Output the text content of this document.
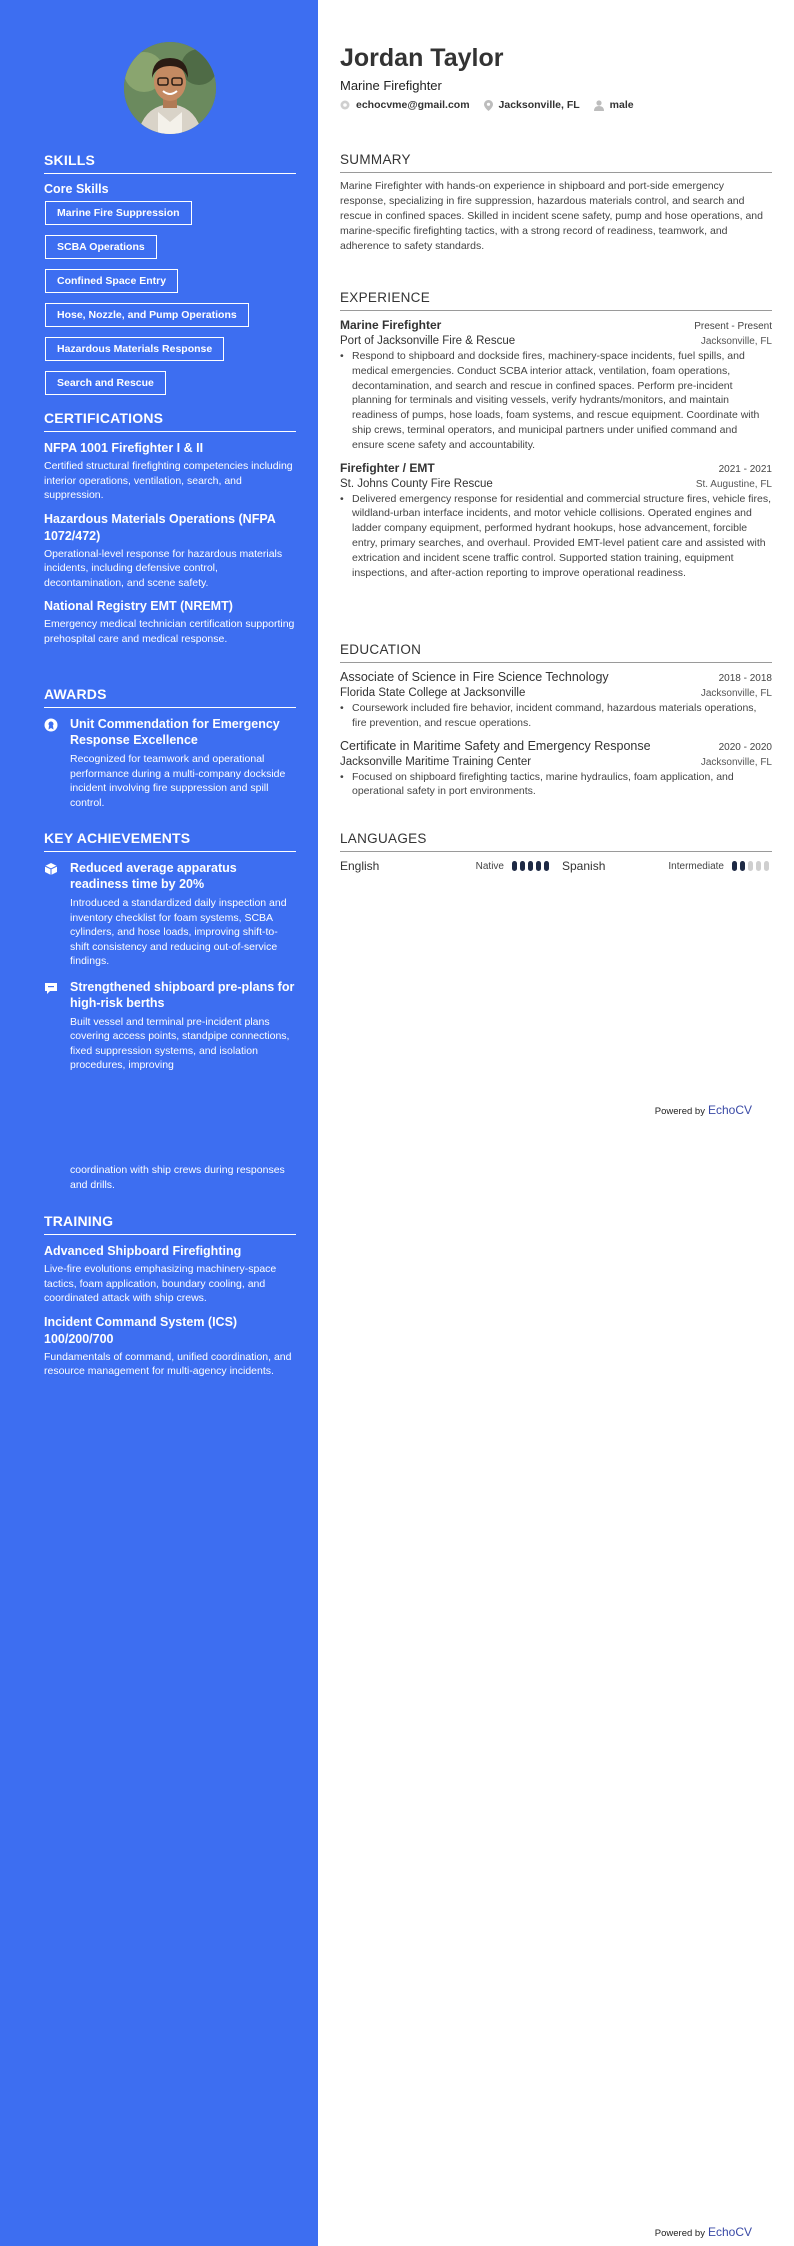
SKILLS
Core Skills
Marine Fire Suppression
SCBA Operations
Confined Space Entry
Hose, Nozzle, and Pump Operations
Hazardous Materials Response
Search and Rescue
CERTIFICATIONS
NFPA 1001 Firefighter I & II
Certified structural firefighting competencies including interior operations, ventilation, search, and suppression.
Hazardous Materials Operations (NFPA 1072/472)
Operational-level response for hazardous materials incidents, including defensive control, decontamination, and scene safety.
National Registry EMT (NREMT)
Emergency medical technician certification supporting prehospital care and medical response.
AWARDS
Unit Commendation for Emergency Response Excellence
Recognized for teamwork and operational performance during a multi-company dockside incident involving fire suppression and spill control.
KEY ACHIEVEMENTS
Reduced average apparatus readiness time by 20%
Introduced a standardized daily inspection and inventory checklist for foam systems, SCBA cylinders, and hose loads, improving shift-to-shift consistency and reducing out-of-service findings.
Strengthened shipboard pre-plans for high-risk berths
Built vessel and terminal pre-incident plans covering access points, standpipe connections, fixed suppression systems, and isolation procedures, improving
coordination with ship crews during responses and drills.
TRAINING
Advanced Shipboard Firefighting
Live-fire evolutions emphasizing machinery-space tactics, foam application, boundary cooling, and coordinated attack with ship crews.
Incident Command System (ICS) 100/200/700
Fundamentals of command, unified coordination, and resource management for multi-agency incidents.
Jordan Taylor
Marine Firefighter
echocvme@gmail.com	Jacksonville, FL	male
SUMMARY
Marine Firefighter with hands-on experience in shipboard and port-side emergency response, specializing in fire suppression, hazardous materials control, and search and rescue in confined spaces. Skilled in incident scene safety, pump and hose operations, and marine-specific firefighting tactics, with a strong record of readiness, teamwork, and adherence to safety standards.
EXPERIENCE
Marine Firefighter	Present - Present
Port of Jacksonville Fire & Rescue	Jacksonville, FL
• Respond to shipboard and dockside fires, machinery-space incidents, fuel spills, and medical emergencies. Conduct SCBA interior attack, ventilation, foam operations, decontamination, and search and rescue in confined spaces. Perform pre-incident planning for terminals and visiting vessels, verify hydrants/monitors, and maintain readiness of pumps, hose loads, foam systems, and rescue equipment. Coordinate with ship crews, terminal operators, and municipal partners under unified command and ensure scene safety and accountability.
Firefighter / EMT	2021 - 2021
St. Johns County Fire Rescue	St. Augustine, FL
• Delivered emergency response for residential and commercial structure fires, vehicle fires, wildland-urban interface incidents, and motor vehicle collisions. Operated engines and ladder company equipment, performed hydrant hookups, hose advancement, forcible entry, primary searches, and overhaul. Provided EMT-level patient care and assisted with extrication and incident scene traffic control. Supported station training, equipment inspections, and after-action reporting to improve operational readiness.
EDUCATION
Associate of Science in Fire Science Technology	2018 - 2018
Florida State College at Jacksonville	Jacksonville, FL
• Coursework included fire behavior, incident command, hazardous materials operations, fire prevention, and rescue operations.
Certificate in Maritime Safety and Emergency Response	2020 - 2020
Jacksonville Maritime Training Center	Jacksonville, FL
• Focused on shipboard firefighting tactics, marine hydraulics, foam application, and operational safety in port environments.
LANGUAGES
English	Native	Spanish	Intermediate
Powered by EchoCV
Powered by EchoCV
